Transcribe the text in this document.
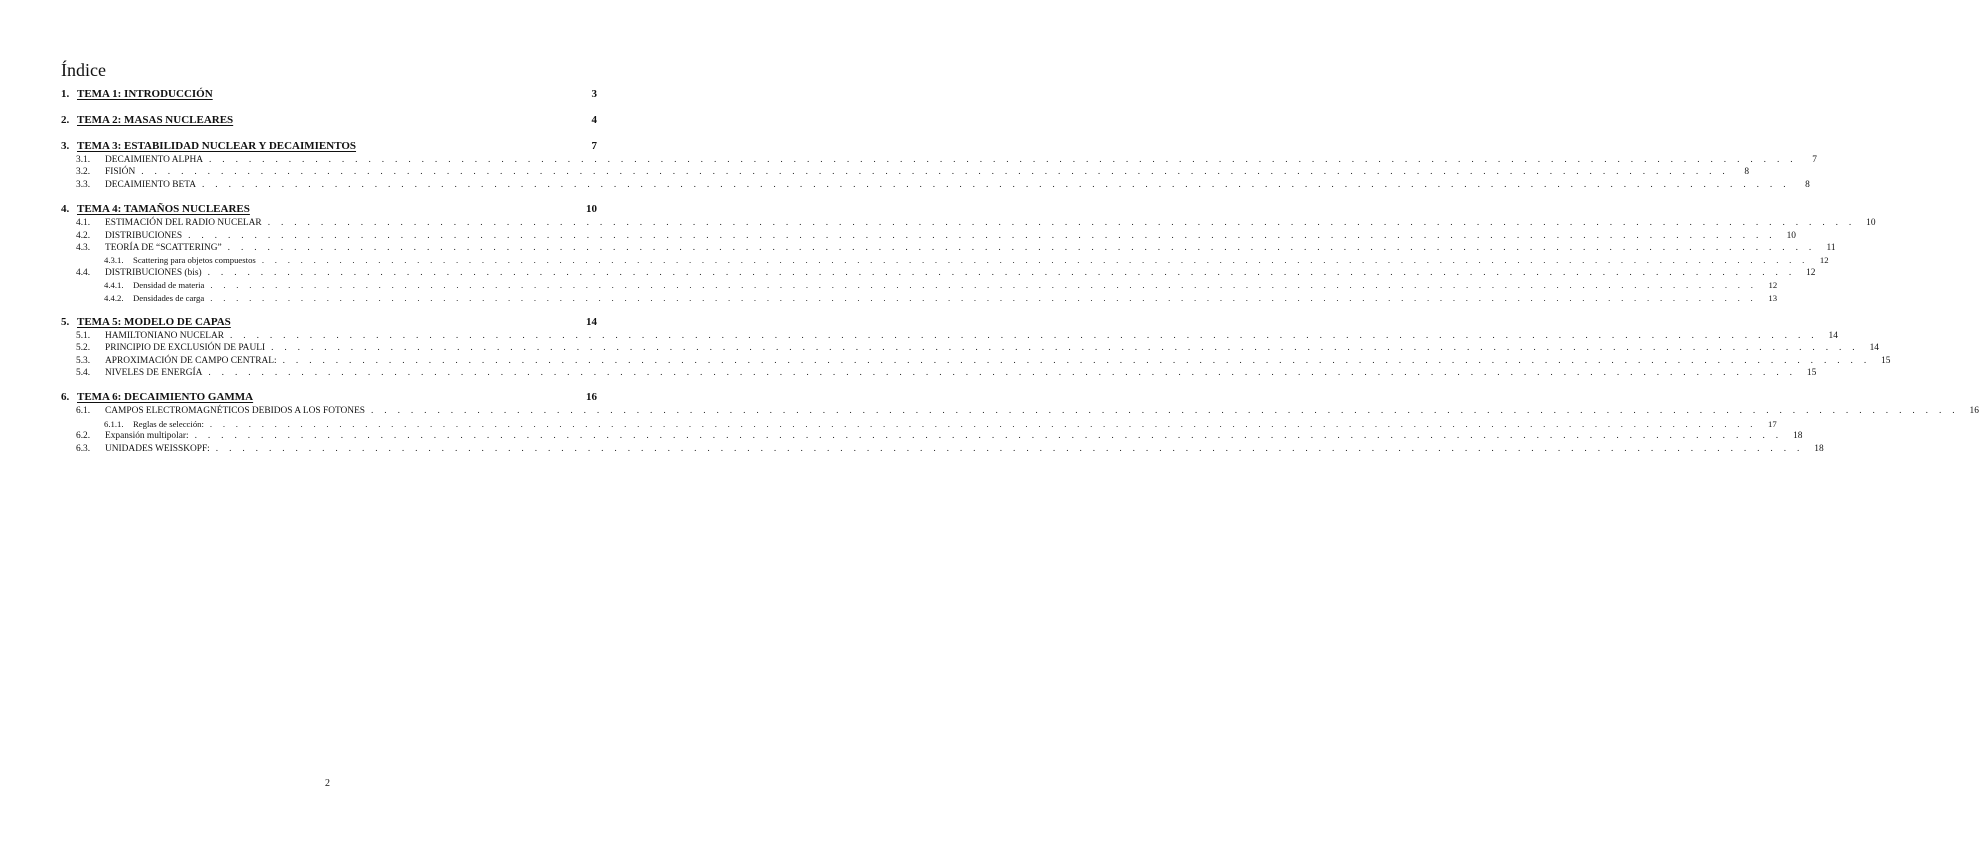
Índice
1. TEMA 1: INTRODUCCIÓN	3
2. TEMA 2: MASAS NUCLEARES	4
3. TEMA 3: ESTABILIDAD NUCLEAR Y DECAIMIENTOS	7
3.1.	DECAIMIENTO ALPHA . . . . . . . . . . . . . . . . . . . . . . . . . . . . . . . . . . . . . . . . . . . . . . . . . . . . . . . . . . . . . . . . . . . . . . . . . . . . . . . . . . . . . . . . . . . . . . . . . . . . . . . . . . . . . . . . . . . . . . . .	7
3.2.	FISIÓN . . . . . . . . . . . . . . . . . . . . . . . . . . . . . . . . . . . . . . . . . . . . . . . . . . . . . . . . . . . . . . . . . . . . . . . . . . . . . . . . . . . . . . . . . . . . . . . . . . . . . . . . . . . . . . . . . . . . . . . .	8
3.3.	DECAIMIENTO BETA . . . . . . . . . . . . . . . . . . . . . . . . . . . . . . . . . . . . . . . . . . . . . . . . . . . . . . . . . . . . . . . . . . . . . . . . . . . . . . . . . . . . . . . . . . . . . . . . . . . . . . . . . . . . . . . . . . . . . . . .	8
4. TEMA 4: TAMAÑOS NUCLEARES	10
4.1.	ESTIMACIÓN DEL RADIO NUCELAR . . . . . . . . . . . . . . . . . . . . . . . . . . . . . . . . . . . . . . . . . . . . . . . . . . . . . . . . . . . . . . . . . . . . . . . . . . . . . . . . . . . . . . . . . . . . . . . . . . . . . . . . . . . . . . . . . . . . . . . .	10
4.2.	DISTRIBUCIONES . . . . . . . . . . . . . . . . . . . . . . . . . . . . . . . . . . . . . . . . . . . . . . . . . . . . . . . . . . . . . . . . . . . . . . . . . . . . . . . . . . . . . . . . . . . . . . . . . . . . . . . . . . . . . . . . . . . . . . . .	10
4.3.	TEORÍA DE “SCATTERING” . . . . . . . . . . . . . . . . . . . . . . . . . . . . . . . . . . . . . . . . . . . . . . . . . . . . . . . . . . . . . . . . . . . . . . . . . . . . . . . . . . . . . . . . . . . . . . . . . . . . . . . . . . . . . . . . . . . . . . . .	11
4.3.1.	Scattering para objetos compuestos . . . . . . . . . . . . . . . . . . . . . . . . . . . . . . . . . . . . . . . . . . . . . . . . . . . . . . . . . . . . . . . . . . . . . . . . . . . . . . . . . . . . . . . . . . . . . . . . . . . . . . . . . . . . . . . . . . . . . . . .	12
4.4.	DISTRIBUCIONES (bis) . . . . . . . . . . . . . . . . . . . . . . . . . . . . . . . . . . . . . . . . . . . . . . . . . . . . . . . . . . . . . . . . . . . . . . . . . . . . . . . . . . . . . . . . . . . . . . . . . . . . . . . . . . . . . . . . . . . . . . . .	12
4.4.1.	Densidad de materia . . . . . . . . . . . . . . . . . . . . . . . . . . . . . . . . . . . . . . . . . . . . . . . . . . . . . . . . . . . . . . . . . . . . . . . . . . . . . . . . . . . . . . . . . . . . . . . . . . . . . . . . . . . . . . . . . . . . . . . .	12
4.4.2.	Densidades de carga . . . . . . . . . . . . . . . . . . . . . . . . . . . . . . . . . . . . . . . . . . . . . . . . . . . . . . . . . . . . . . . . . . . . . . . . . . . . . . . . . . . . . . . . . . . . . . . . . . . . . . . . . . . . . . . . . . . . . . . .	13
5. TEMA 5: MODELO DE CAPAS	14
5.1.	HAMILTONIANO NUCELAR . . . . . . . . . . . . . . . . . . . . . . . . . . . . . . . . . . . . . . . . . . . . . . . . . . . . . . . . . . . . . . . . . . . . . . . . . . . . . . . . . . . . . . . . . . . . . . . . . . . . . . . . . . . . . . . . . . . . . . . .	14
5.2.	PRINCIPIO DE EXCLUSIÓN DE PAULI . . . . . . . . . . . . . . . . . . . . . . . . . . . . . . . . . . . . . . . . . . . . . . . . . . . . . . . . . . . . . . . . . . . . . . . . . . . . . . . . . . . . . . . . . . . . . . . . . . . . . . . . . . . . . . . . . . . . . . . .	14
5.3.	APROXIMACIÓN DE CAMPO CENTRAL: . . . . . . . . . . . . . . . . . . . . . . . . . . . . . . . . . . . . . . . . . . . . . . . . . . . . . . . . . . . . . . . . . . . . . . . . . . . . . . . . . . . . . . . . . . . . . . . . . . . . . . . . . . . . . . . . . . . . . . . .	15
5.4.	NIVELES DE ENERGÍA . . . . . . . . . . . . . . . . . . . . . . . . . . . . . . . . . . . . . . . . . . . . . . . . . . . . . . . . . . . . . . . . . . . . . . . . . . . . . . . . . . . . . . . . . . . . . . . . . . . . . . . . . . . . . . . . . . . . . . . .	15
6. TEMA 6: DECAIMIENTO GAMMA	16
6.1.	CAMPOS ELECTROMAGNÉTICOS DEBIDOS A LOS FOTONES . . . . . . . . . . . . . . . . . . . . . . . . . . . . . . . . . . . . . . . . . . . . . . . . . . . . . . . . . . . . . . . . . . . . . . . . . . . . . . . . . . . . . . . . . . . . . . . . . . . . . . . . . . . . . . . . . . . . . . . .	16
6.1.1.	Reglas de selección: . . . . . . . . . . . . . . . . . . . . . . . . . . . . . . . . . . . . . . . . . . . . . . . . . . . . . . . . . . . . . . . . . . . . . . . . . . . . . . . . . . . . . . . . . . . . . . . . . . . . . . . . . . . . . . . . . . . . . . . .	17
6.2.	Expansión multipolar: . . . . . . . . . . . . . . . . . . . . . . . . . . . . . . . . . . . . . . . . . . . . . . . . . . . . . . . . . . . . . . . . . . . . . . . . . . . . . . . . . . . . . . . . . . . . . . . . . . . . . . . . . . . . . . . . . . . . . . . .	18
6.3.	UNIDADES WEISSKOPF: . . . . . . . . . . . . . . . . . . . . . . . . . . . . . . . . . . . . . . . . . . . . . . . . . . . . . . . . . . . . . . . . . . . . . . . . . . . . . . . . . . . . . . . . . . . . . . . . . . . . . . . . . . . . . . . . . . . . . . . .	18
2
